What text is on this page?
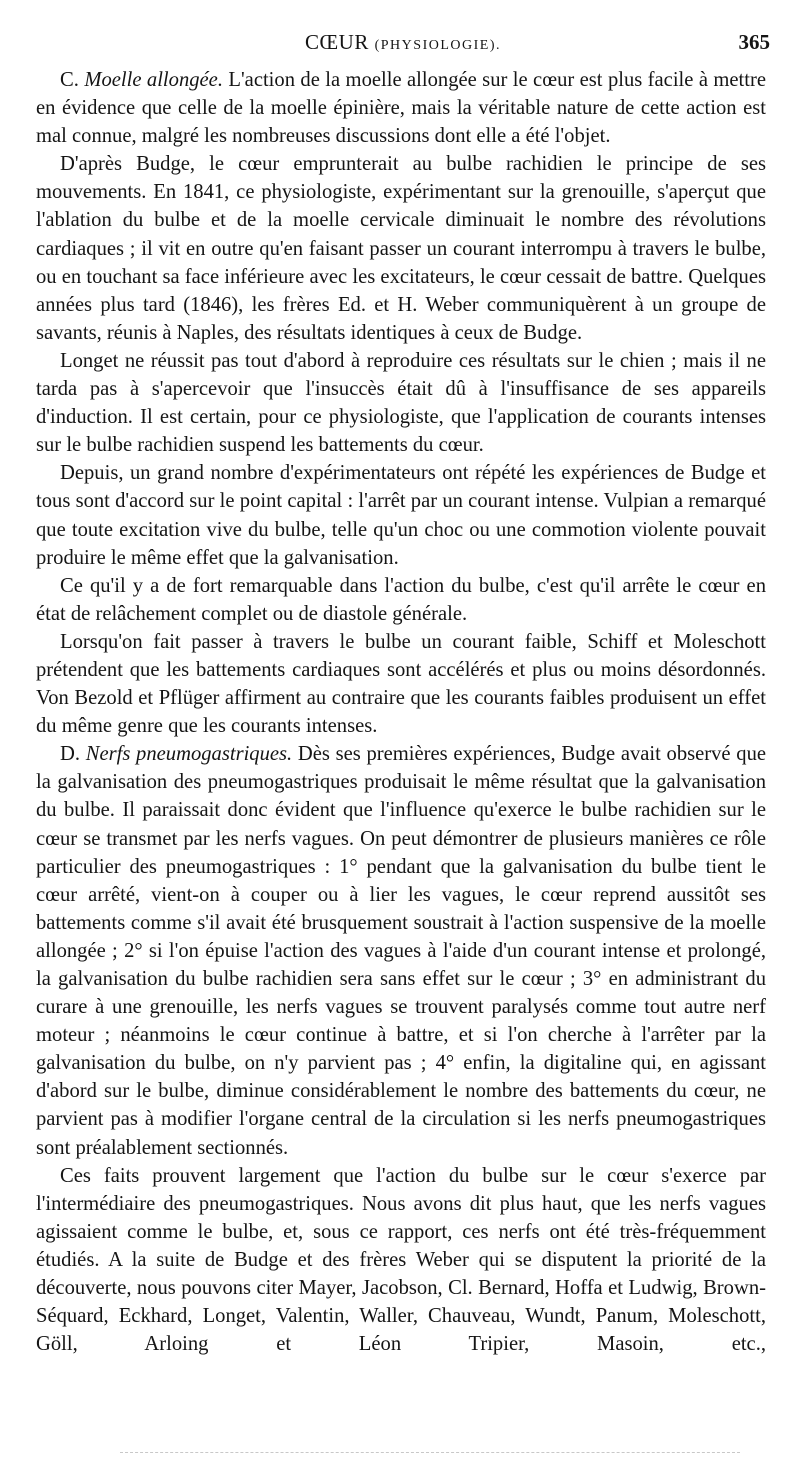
CŒUR (PHYSIOLOGIE).	365

C. Moelle allongée. L'action de la moelle allongée sur le cœur est plus facile à mettre en évidence que celle de la moelle épinière, mais la véritable nature de cette action est mal connue, malgré les nombreuses discussions dont elle a été l'objet.

D'après Budge, le cœur emprunterait au bulbe rachidien le principe de ses mouvements. En 1841, ce physiologiste, expérimentant sur la grenouille, s'aperçut que l'ablation du bulbe et de la moelle cervicale diminuait le nombre des révolutions cardiaques ; il vit en outre qu'en faisant passer un courant interrompu à travers le bulbe, ou en touchant sa face inférieure avec les excitateurs, le cœur cessait de battre. Quelques années plus tard (1846), les frères Ed. et H. Weber communiquèrent à un groupe de savants, réunis à Naples, des résultats identiques à ceux de Budge.

Longet ne réussit pas tout d'abord à reproduire ces résultats sur le chien ; mais il ne tarda pas à s'apercevoir que l'insuccès était dû à l'insuffisance de ses appareils d'induction. Il est certain, pour ce physiologiste, que l'application de courants intenses sur le bulbe rachidien suspend les battements du cœur.

Depuis, un grand nombre d'expérimentateurs ont répété les expériences de Budge et tous sont d'accord sur le point capital : l'arrêt par un courant intense. Vulpian a remarqué que toute excitation vive du bulbe, telle qu'un choc ou une commotion violente pouvait produire le même effet que la galvanisation.

Ce qu'il y a de fort remarquable dans l'action du bulbe, c'est qu'il arrête le cœur en état de relâchement complet ou de diastole générale.

Lorsqu'on fait passer à travers le bulbe un courant faible, Schiff et Moleschott prétendent que les battements cardiaques sont accélérés et plus ou moins désordonnés. Von Bezold et Pflüger affirment au contraire que les courants faibles produisent un effet du même genre que les courants intenses.

D. Nerfs pneumogastriques. Dès ses premières expériences, Budge avait observé que la galvanisation des pneumogastriques produisait le même résultat que la galvanisation du bulbe. Il paraissait donc évident que l'influence qu'exerce le bulbe rachidien sur le cœur se transmet par les nerfs vagues. On peut démontrer de plusieurs manières ce rôle particulier des pneumogastriques : 1° pendant que la galvanisation du bulbe tient le cœur arrêté, vient-on à couper ou à lier les vagues, le cœur reprend aussitôt ses battements comme s'il avait été brusquement soustrait à l'action suspensive de la moelle allongée ; 2° si l'on épuise l'action des vagues à l'aide d'un courant intense et prolongé, la galvanisation du bulbe rachidien sera sans effet sur le cœur ; 3° en administrant du curare à une grenouille, les nerfs vagues se trouvent paralysés comme tout autre nerf moteur ; néanmoins le cœur continue à battre, et si l'on cherche à l'arrêter par la galvanisation du bulbe, on n'y parvient pas ; 4° enfin, la digitaline qui, en agissant d'abord sur le bulbe, diminue considérablement le nombre des battements du cœur, ne parvient pas à modifier l'organe central de la circulation si les nerfs pneumogastriques sont préalablement sectionnés.

Ces faits prouvent largement que l'action du bulbe sur le cœur s'exerce par l'intermédiaire des pneumogastriques. Nous avons dit plus haut, que les nerfs vagues agissaient comme le bulbe, et, sous ce rapport, ces nerfs ont été très-fréquemment étudiés. A la suite de Budge et des frères Weber qui se disputent la priorité de la découverte, nous pouvons citer Mayer, Jacobson, Cl. Bernard, Hoffa et Ludwig, Brown-Séquard, Eckhard, Longet, Valentin, Waller, Chauveau, Wundt, Panum, Moleschott, Göll, Arloing et Léon Tripier, Masoin, etc.,
